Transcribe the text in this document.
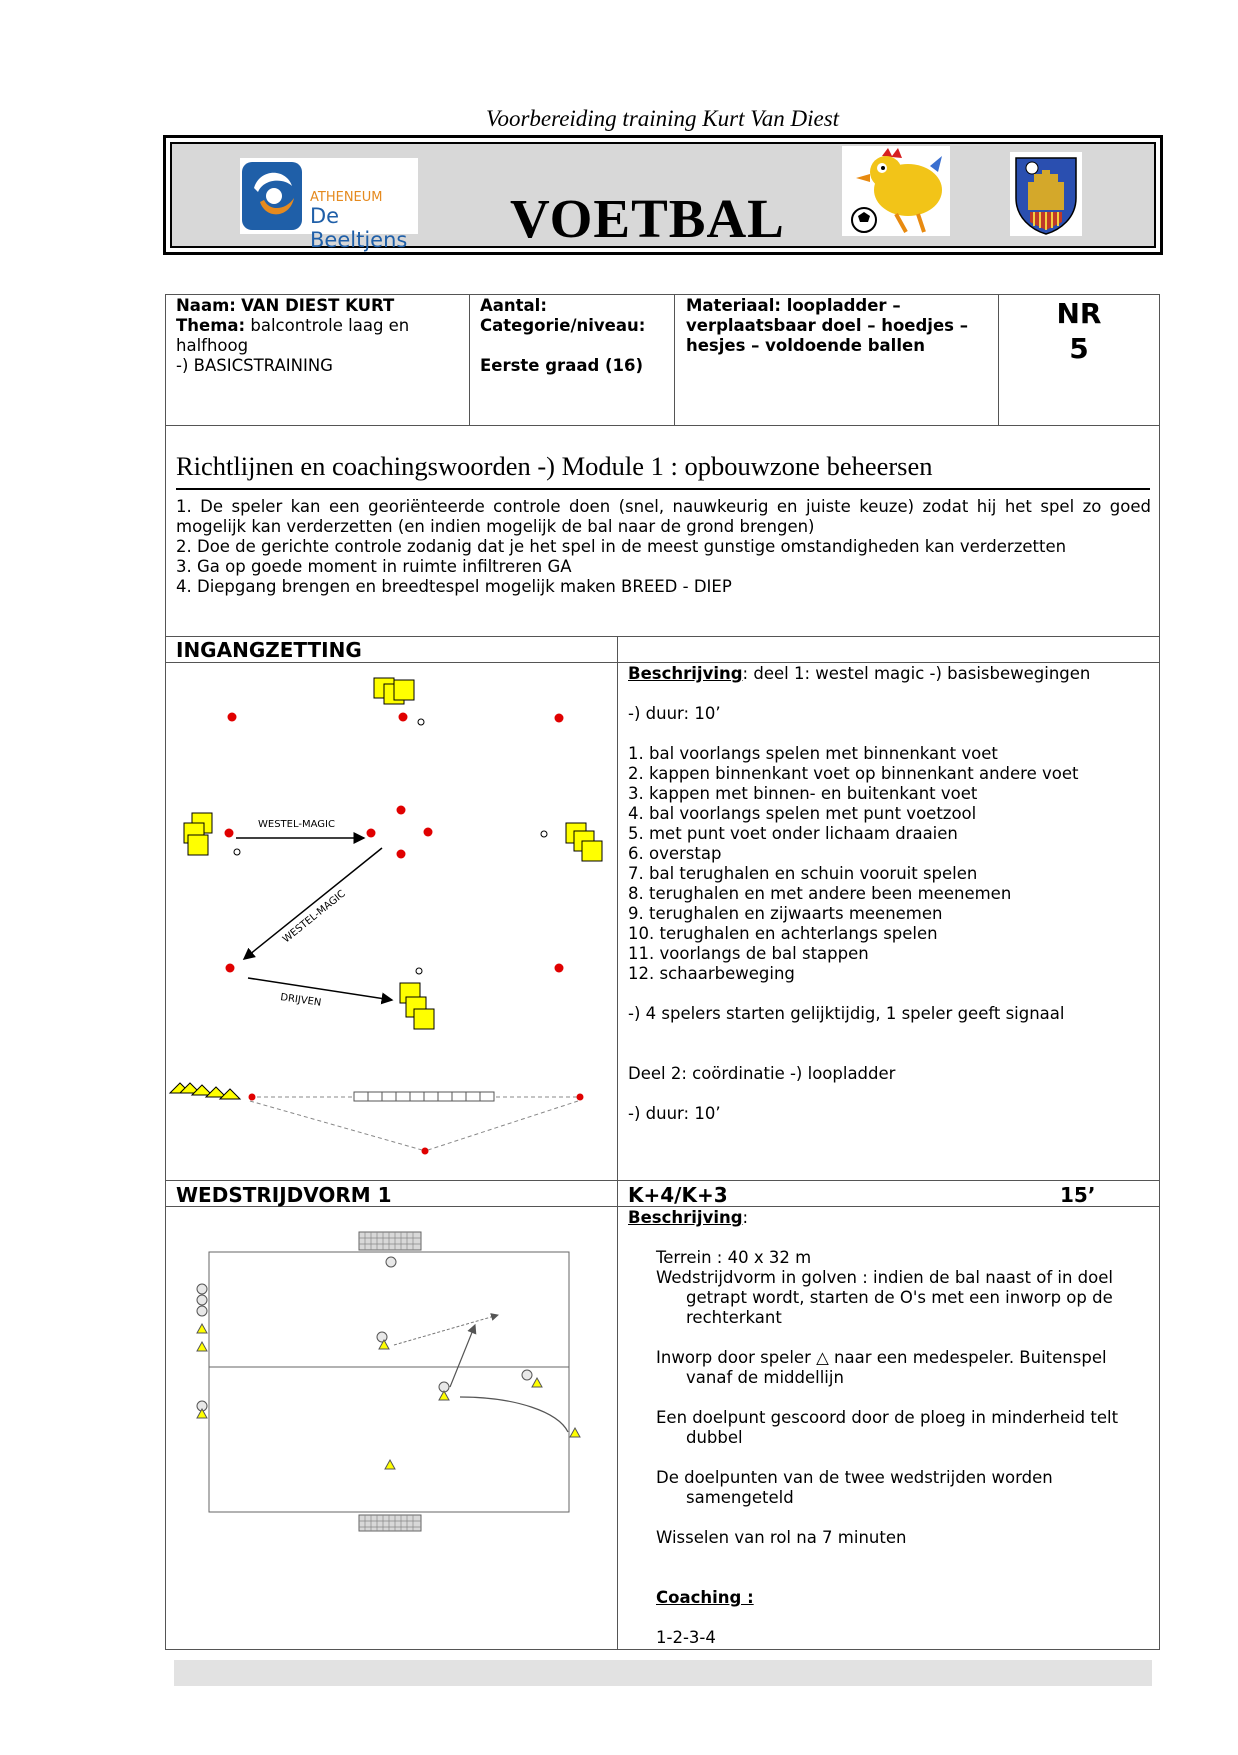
Voorbereiding training Kurt Van Diest
ATHENEUM
De Beeltjens VOETBAL
Naam: VAN DIEST KURT
Thema: balcontrole laag en
halfhoog
-) BASICSTRAINING
Aantal:
Categorie/niveau:
Eerste graad (16)
Materiaal: loopladder –
verplaatsbaar doel – hoedjes –
hesjes – voldoende ballen
NR
5
Richtlijnen en coachingswoorden -) Module 1 : opbouwzone beheersen
1. De speler kan een georiënteerde controle doen (snel, nauwkeurig en juiste keuze) zodat hij het spel zo goed
mogelijk kan verderzetten (en indien mogelijk de bal naar de grond brengen)
2. Doe de gerichte controle zodanig dat je het spel in de meest gunstige omstandigheden kan verderzetten
3. Ga op goede moment in ruimte infiltreren GA
4. Diepgang brengen en breedtespel mogelijk maken BREED - DIEP
INGANGZETTING
WESTEL-MAGIC
WESTEL-MAGIC
DRIJVEN
Beschrijving: deel 1: westel magic -) basisbewegingen
-) duur: 10’
1. bal voorlangs spelen met binnenkant voet
2. kappen binnenkant voet op binnenkant andere voet
3. kappen met binnen- en buitenkant voet
4. bal voorlangs spelen met punt voetzool
5. met punt voet onder lichaam draaien
6. overstap
7. bal terughalen en schuin vooruit spelen
8. terughalen en met andere been meenemen
9. terughalen en zijwaarts meenemen
10. terughalen en achterlangs spelen
11. voorlangs de bal stappen
12. schaarbeweging
-) 4 spelers starten gelijktijdig, 1 speler geeft signaal
Deel 2: coördinatie -) loopladder
-) duur: 10’
WEDSTRIJDVORM 1	K+4/K+3	15’
Beschrijving:
Terrein : 40 x 32 m
Wedstrijdvorm in golven : indien de bal naast of in doel
getrapt wordt, starten de O's met een inworp op de
rechterkant
Inworp door speler △ naar een medespeler. Buitenspel
vanaf de middellijn
Een doelpunt gescoord door de ploeg in minderheid telt
dubbel
De doelpunten van de twee wedstrijden worden
samengeteld
Wisselen van rol na 7 minuten
Coaching :
1-2-3-4
